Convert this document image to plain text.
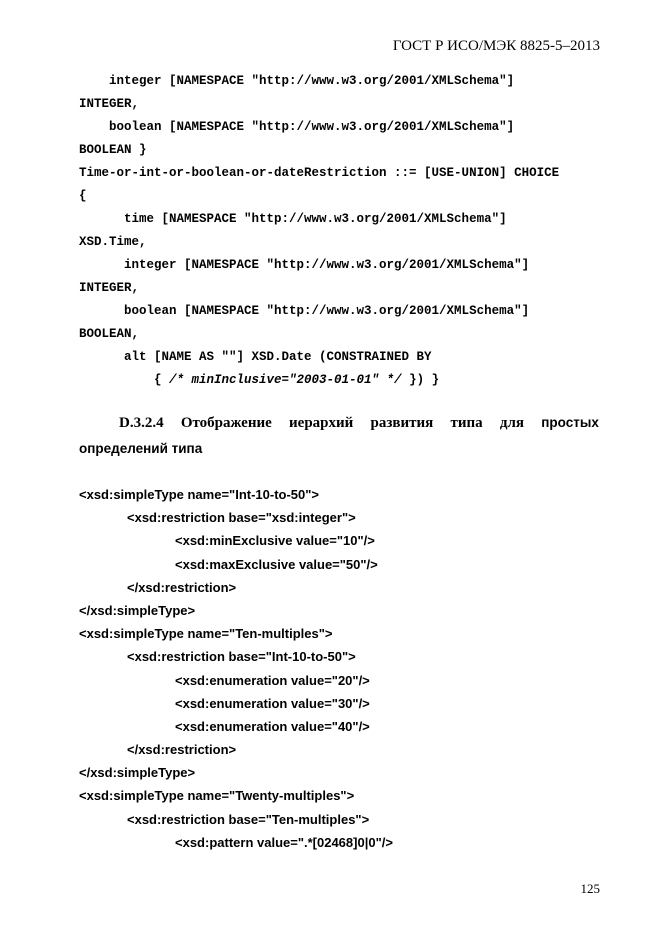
ГОСТ Р ИСО/МЭК 8825-5–2013
integer [NAMESPACE "http://www.w3.org/2001/XMLSchema"]
INTEGER,
boolean [NAMESPACE "http://www.w3.org/2001/XMLSchema"]
BOOLEAN }
Time-or-int-or-boolean-or-dateRestriction ::= [USE-UNION] CHOICE
{
time [NAMESPACE "http://www.w3.org/2001/XMLSchema"]
XSD.Time,
integer [NAMESPACE "http://www.w3.org/2001/XMLSchema"]
INTEGER,
boolean [NAMESPACE "http://www.w3.org/2001/XMLSchema"]
BOOLEAN,
alt [NAME AS ""] XSD.Date (CONSTRAINED BY
{ /* minInclusive="2003-01-01" */ }) }
D.3.2.4 Отображение иерархий развития типа для простых
определений типа
<xsd:simpleType name="Int-10-to-50">
<xsd:restriction base="xsd:integer">
<xsd:minExclusive value="10"/>
<xsd:maxExclusive value="50"/>
</xsd:restriction>
</xsd:simpleType>
<xsd:simpleType name="Ten-multiples">
<xsd:restriction base="Int-10-to-50">
<xsd:enumeration value="20"/>
<xsd:enumeration value="30"/>
<xsd:enumeration value="40"/>
</xsd:restriction>
</xsd:simpleType>
<xsd:simpleType name="Twenty-multiples">
<xsd:restriction base="Ten-multiples">
<xsd:pattern value=".*[02468]0|0"/>
125
